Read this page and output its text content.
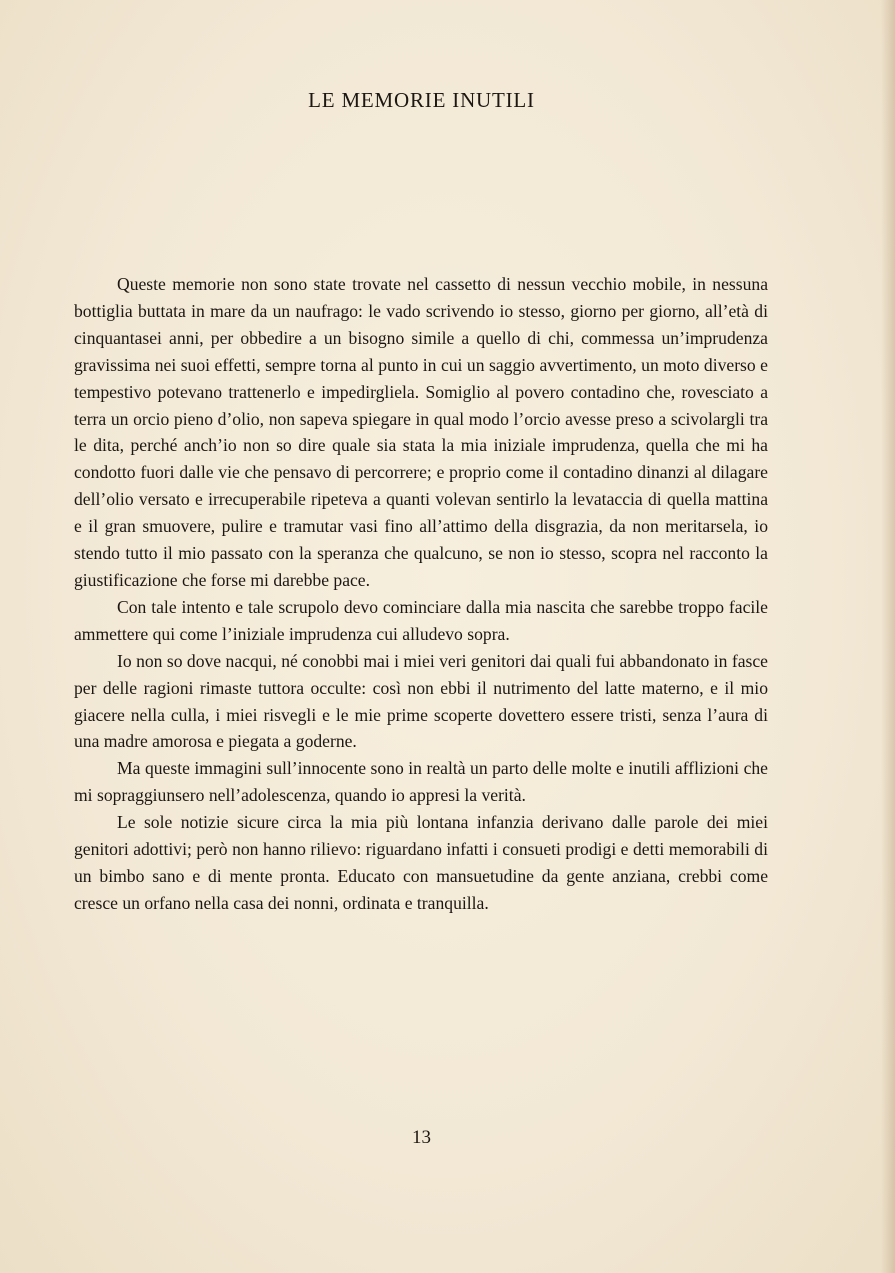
LE MEMORIE INUTILI

Queste memorie non sono state trovate nel cassetto di nessun vecchio mobile, in nessuna bottiglia buttata in mare da un naufrago: le vado scrivendo io stesso, giorno per giorno, all’età di cinquantasei anni, per obbedire a un bisogno simile a quello di chi, commessa un’imprudenza gravissima nei suoi effetti, sempre torna al punto in cui un saggio avvertimento, un moto diverso e tempestivo potevano trattenerlo e impedirgliela. Somiglio al povero contadino che, rovesciato a terra un orcio pieno d’olio, non sapeva spiegare in qual modo l’orcio avesse preso a scivolargli tra le dita, perché anch’io non so dire quale sia stata la mia iniziale imprudenza, quella che mi ha condotto fuori dalle vie che pensavo di percorrere; e proprio come il contadino dinanzi al dilagare dell’olio versato e irrecuperabile ripeteva a quanti volevan sentirlo la levataccia di quella mattina e il gran smuovere, pulire e tramutar vasi fino all’attimo della disgrazia, da non meritarsela, io stendo tutto il mio passato con la speranza che qualcuno, se non io stesso, scopra nel racconto la giustificazione che forse mi darebbe pace.

Con tale intento e tale scrupolo devo cominciare dalla mia nascita che sarebbe troppo facile ammettere qui come l’iniziale imprudenza cui alludevo sopra.

Io non so dove nacqui, né conobbi mai i miei veri genitori dai quali fui abbandonato in fasce per delle ragioni rimaste tuttora occulte: così non ebbi il nutrimento del latte materno, e il mio giacere nella culla, i miei risvegli e le mie prime scoperte dovettero essere tristi, senza l’aura di una madre amorosa e piegata a goderne.

Ma queste immagini sull’innocente sono in realtà un parto delle molte e inutili afflizioni che mi sopraggiunsero nell’adolescenza, quando io appresi la verità.

Le sole notizie sicure circa la mia più lontana infanzia derivano dalle parole dei miei genitori adottivi; però non hanno rilievo: riguardano infatti i consueti prodigi e detti memorabili di un bimbo sano e di mente pronta. Educato con mansuetudine da gente anziana, crebbi come cresce un orfano nella casa dei nonni, ordinata e tranquilla.

13
